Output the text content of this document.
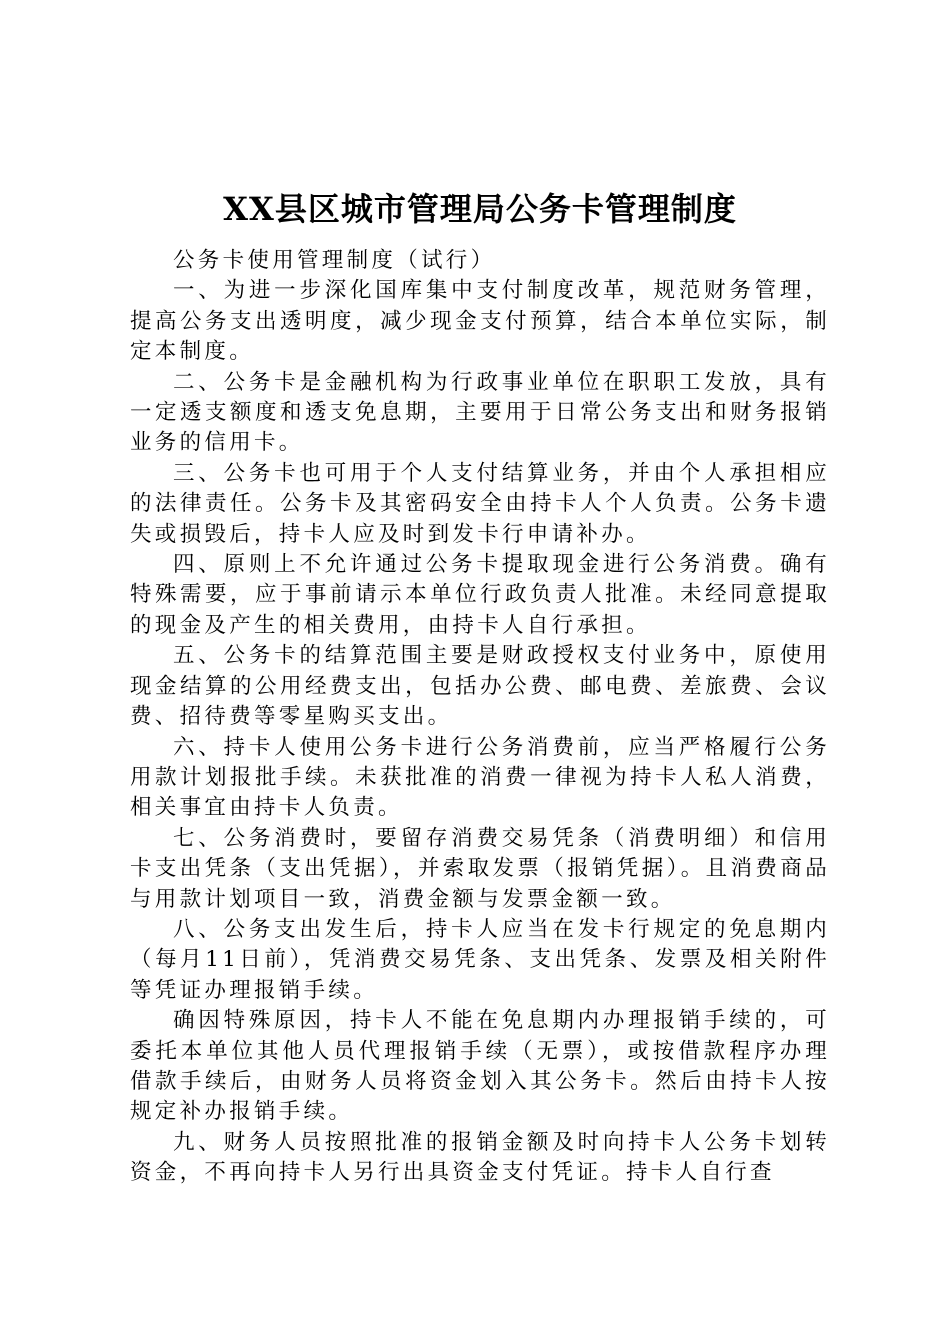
XX县区城市管理局公务卡管理制度

公务卡使用管理制度（试行）

一、为进一步深化国库集中支付制度改革，规范财务管理，提高公务支出透明度，减少现金支付预算，结合本单位实际，制定本制度。

二、公务卡是金融机构为行政事业单位在职职工发放，具有一定透支额度和透支免息期，主要用于日常公务支出和财务报销业务的信用卡。

三、公务卡也可用于个人支付结算业务，并由个人承担相应的法律责任。公务卡及其密码安全由持卡人个人负责。公务卡遗失或损毁后，持卡人应及时到发卡行申请补办。

四、原则上不允许通过公务卡提取现金进行公务消费。确有特殊需要，应于事前请示本单位行政负责人批准。未经同意提取的现金及产生的相关费用，由持卡人自行承担。

五、公务卡的结算范围主要是财政授权支付业务中，原使用现金结算的公用经费支出，包括办公费、邮电费、差旅费、会议费、招待费等零星购买支出。

六、持卡人使用公务卡进行公务消费前，应当严格履行公务用款计划报批手续。未获批准的消费一律视为持卡人私人消费，相关事宜由持卡人负责。

七、公务消费时，要留存消费交易凭条（消费明细）和信用卡支出凭条（支出凭据），并索取发票（报销凭据）。且消费商品与用款计划项目一致，消费金额与发票金额一致。

八、公务支出发生后，持卡人应当在发卡行规定的免息期内（每月11日前），凭消费交易凭条、支出凭条、发票及相关附件等凭证办理报销手续。

确因特殊原因，持卡人不能在免息期内办理报销手续的，可委托本单位其他人员代理报销手续（无票），或按借款程序办理借款手续后，由财务人员将资金划入其公务卡。然后由持卡人按规定补办报销手续。

九、财务人员按照批准的报销金额及时向持卡人公务卡划转资金，不再向持卡人另行出具资金支付凭证。持卡人自行查
